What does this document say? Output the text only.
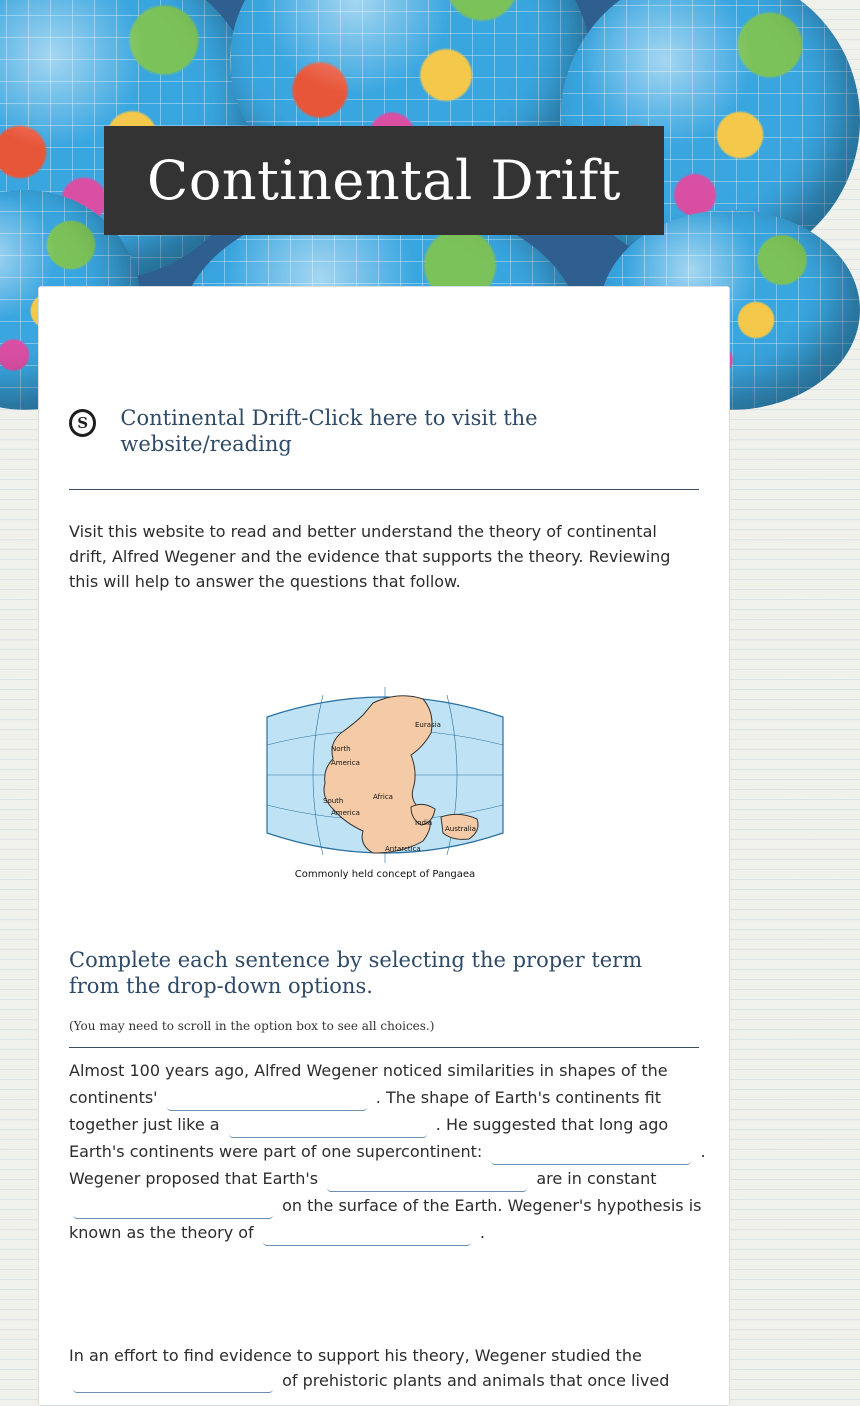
Continental Drift
S	Continental Drift-Click here to visit the website/reading
Visit this website to read and better understand the theory of continental drift, Alfred Wegener and the evidence that supports the theory. Reviewing this will help to answer the questions that follow.
Eurasia
North
America
South
America
Africa
India
Australia
Antarctica
Commonly held concept of Pangaea
Complete each sentence by selecting the proper term from the drop-down options.
(You may need to scroll in the option box to see all choices.)
Almost 100 years ago, Alfred Wegener noticed similarities in shapes of the continents'	. The shape of Earth's continents fit together just like a	. He suggested that long ago Earth's continents were part of one supercontinent:	. Wegener proposed that Earth's	are in constant  on the surface of the Earth. Wegener's hypothesis is known as the theory of	.
In an effort to find evidence to support his theory, Wegener studied the  of prehistoric plants and animals that once lived
